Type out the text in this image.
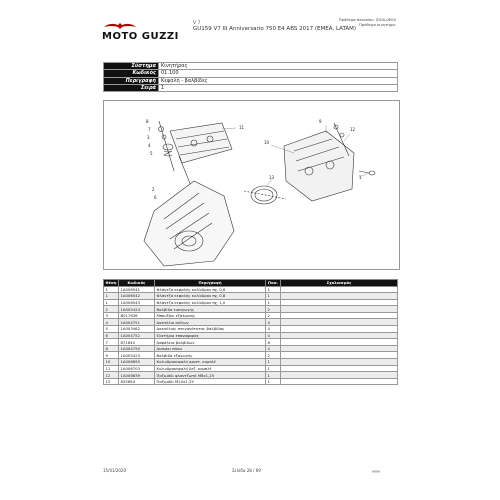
MOTO GUZZI
V 7
GU159 V7 III Anniversario 750 E4 ABS 2017 (EMEA, LATAM)
Πρόθεμα πλαισίου: ZGUL0E00
Πρόθεμα κινητήρα:
Σύστημα	Κινητήρας
Κωδικός	01.100
Περιγραφή	Κεφαλή - βαλβίδες
Σειρά	1
8
7
3
4
5
2
6
11
10
9
12
13	1
Θέση	Κωδικός	Περιγραφή	Ποσ.	Σχολιασμός
1	1A006541	Φλάντζα κεφαλής κυλίνδρου πχ. 0,6	1	
1	1A006542	Φλάντζα κεφαλής κυλίνδρου πχ. 0,8	1	
1	1A006543	Φλάντζα κεφαλής κυλίνδρου πχ. 1,0	1	
2	1A005424	Βαλβίδα εισαγωγής	2	
3	B017636	Μπουζόνι εξάτμισης	2	
4	1A004751	Δακτύλιο σιέλων	4	
5	1A003462	Δακτύλιος στεγανότητας βαλβίδας	4	
6	1A004752	Ελατήριο επαναφοράς	4	
7	871640	Ασφάλεια βαλβίδων	8	
8	1A004750	Δισκάκι πάνω	4	
9	1A005423	Βαλβίδα εξαγωγής	2	
10	1A006695	Κυλινδροκεφαλή αριστ. κομπλέ	1	
11	1A006703	Κυλινδροκεφαλή δεξ. κομπλέ	1	
12	1A006639	Παξιμάδι φλαντζωτό M8x1,25	1	
13	835694	Παξιμάδι M10x1,25	1	
15/01/2020	Σελίδα 28 / 69
